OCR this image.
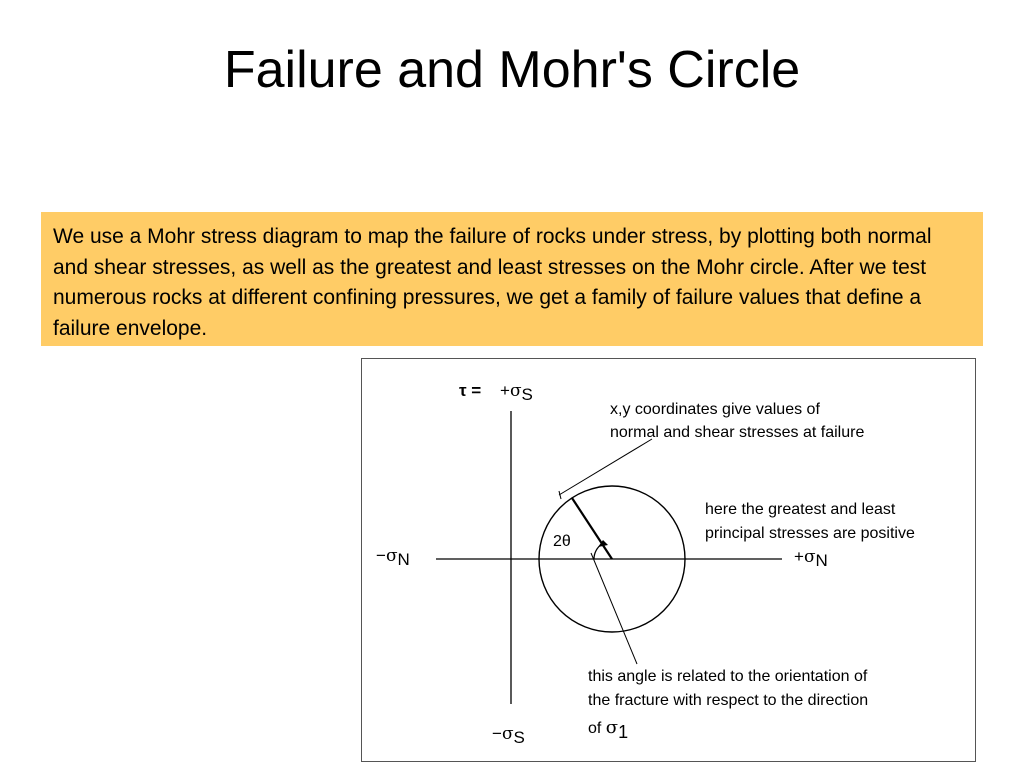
Failure and Mohr's Circle
We use a Mohr stress diagram to map the failure of rocks under stress, by plotting both normal and shear stresses, as well as the greatest and least stresses on the Mohr circle. After we test numerous rocks at different confining pressures, we get a family of failure values that define a failure envelope.
τ = +σS
−σS
−σN	+σN
2θ
x,y coordinates give values of
normal and shear stresses at failure
here the greatest and least
principal stresses are positive
this angle is related to the orientation of
the fracture with respect to the direction
of σ1
